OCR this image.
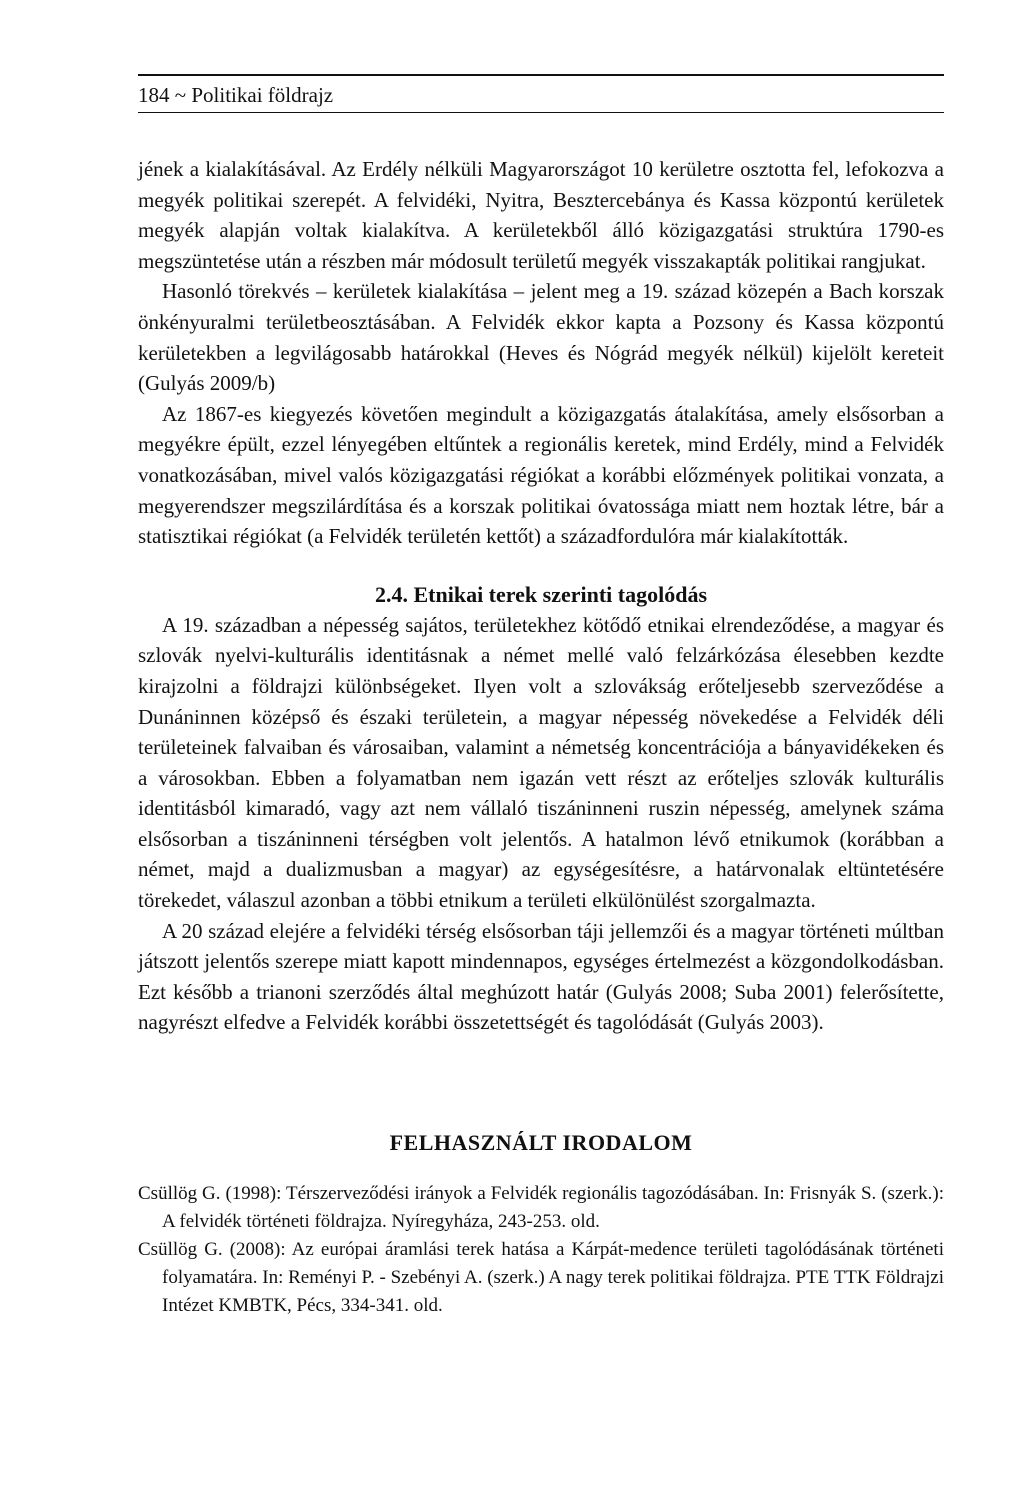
184 ~ Politikai földrajz

jének a kialakításával. Az Erdély nélküli Magyarországot 10 kerületre osztotta fel, lefokozva a megyék politikai szerepét. A felvidéki, Nyitra, Besztercebánya és Kassa központú kerületek megyék alapján voltak kialakítva. A kerületekből álló közigazgatási struktúra 1790-es megszüntetése után a részben már módosult területű megyék visszakapták politikai rangjukat.

Hasonló törekvés – kerületek kialakítása – jelent meg a 19. század közepén a Bach korszak önkényuralmi területbeosztásában. A Felvidék ekkor kapta a Pozsony és Kassa központú kerületekben a legvilágosabb határokkal (Heves és Nógrád megyék nélkül) kijelölt kereteit (Gulyás 2009/b)

Az 1867-es kiegyezés követően megindult a közigazgatás átalakítása, amely elsősorban a megyékre épült, ezzel lényegében eltűntek a regionális keretek, mind Erdély, mind a Felvidék vonatkozásában, mivel valós közigazgatási régiókat a korábbi előzmények politikai vonzata, a megyerendszer megszilárdítása és a korszak politikai óvatossága miatt nem hoztak létre, bár a statisztikai régiókat (a Felvidék területén kettőt) a századfordulóra már kialakították.

2.4. Etnikai terek szerinti tagolódás

A 19. században a népesség sajátos, területekhez kötődő etnikai elrendeződése, a magyar és szlovák nyelvi-kulturális identitásnak a német mellé való felzárkózása élesebben kezdte kirajzolni a földrajzi különbségeket. Ilyen volt a szlovákság erőteljesebb szerveződése a Dunáninnen középső és északi területein, a magyar népesség növekedése a Felvidék déli területeinek falvaiban és városaiban, valamint a németség koncentrációja a bányavidékeken és a városokban. Ebben a folyamatban nem igazán vett részt az erőteljes szlovák kulturális identitásból kimaradó, vagy azt nem vállaló tiszáninneni ruszin népesség, amelynek száma elsősorban a tiszáninneni térségben volt jelentős. A hatalmon lévő etnikumok (korábban a német, majd a dualizmusban a magyar) az egységesítésre, a határvonalak eltüntetésére törekedet, válaszul azonban a többi etnikum a területi elkülönülést szorgalmazta.

A 20 század elejére a felvidéki térség elsősorban táji jellemzői és a magyar történeti múltban játszott jelentős szerepe miatt kapott mindennapos, egységes értelmezést a közgondolkodásban. Ezt később a trianoni szerződés által meghúzott határ (Gulyás 2008; Suba 2001) felerősítette, nagyrészt elfedve a Felvidék korábbi összetettségét és tagolódását (Gulyás 2003).

FELHASZNÁLT IRODALOM

Csüllög G. (1998): Térszerveződési irányok a Felvidék regionális tagozódásában. In: Frisnyák S. (szerk.): A felvidék történeti földrajza. Nyíregyháza, 243-253. old.

Csüllög G. (2008): Az európai áramlási terek hatása a Kárpát-medence területi tagolódásának történeti folyamatára. In: Reményi P. - Szebényi A. (szerk.) A nagy terek politikai földrajza. PTE TTK Földrajzi Intézet KMBTK, Pécs, 334-341. old.
